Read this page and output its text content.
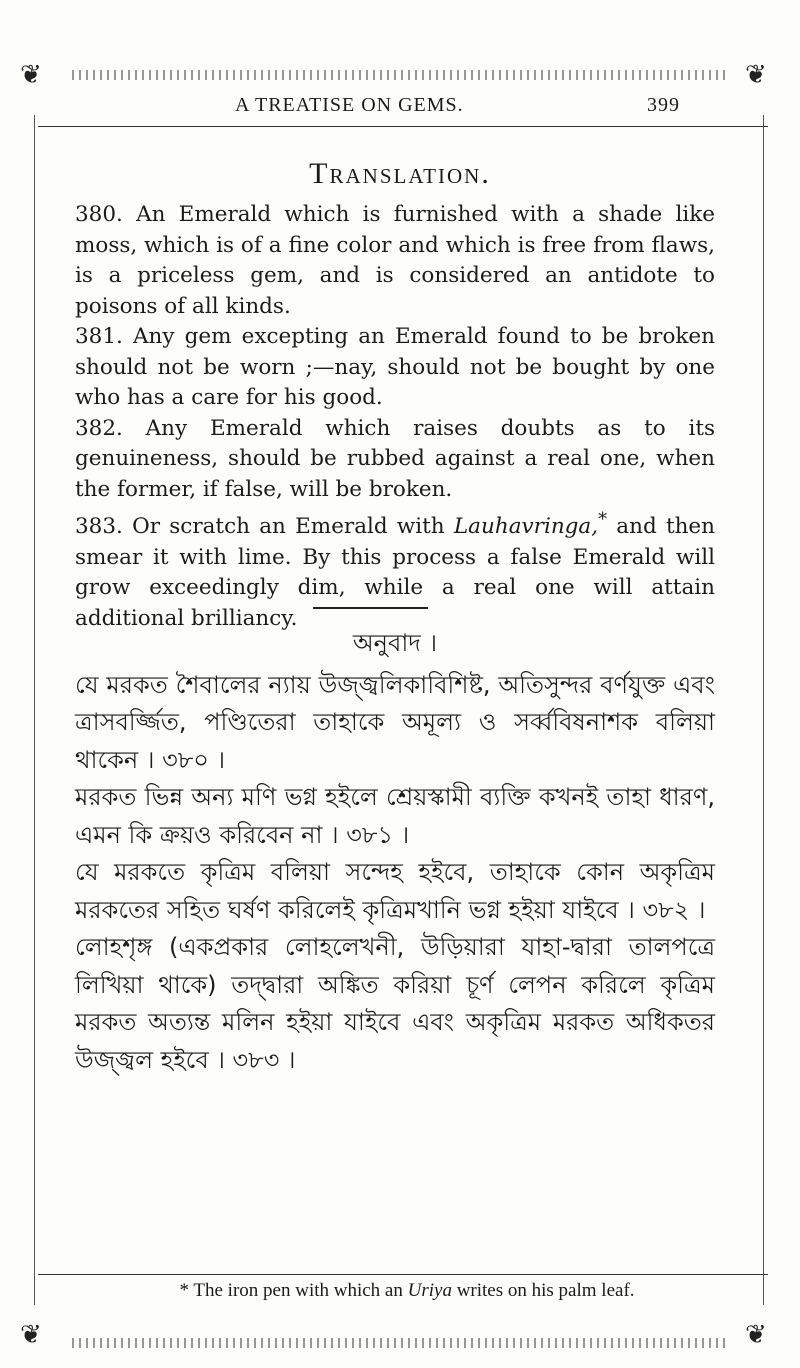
❦	❦
❦	❦
A TREATISE ON GEMS.	399
Translation.

380. An Emerald which is furnished with a shade like moss, which is of a fine color and which is free from flaws, is a priceless gem, and is considered an antidote to poisons of all kinds.

381. Any gem excepting an Emerald found to be broken should not be worn ;—nay, should not be bought by one who has a care for his good.

382. Any Emerald which raises doubts as to its genuineness, should be rubbed against a real one, when the former, if false, will be broken.

383. Or scratch an Emerald with Lauhavringa,* and then smear it with lime. By this process a false Emerald will grow exceedingly dim, while a real one will attain additional brilliancy.

অনুবাদ ।

যে মরকত শৈবালের ন্যায় উজ্জ্বলিকাবিশিষ্ট, অতিসুন্দর বর্ণযুক্ত এবং ত্রাসবর্জ্জিত, পণ্ডিতেরা তাহাকে অমূল্য ও সর্ব্ববিষনাশক বলিয়া থাকেন । ৩৮০ ।

মরকত ভিন্ন অন্য মণি ভগ্ন হইলে শ্রেয়স্কামী ব্যক্তি কখনই তাহা ধারণ, এমন কি ক্রয়ও করিবেন না । ৩৮১ ।

যে মরকতে কৃত্রিম বলিয়া সন্দেহ হইবে, তাহাকে কোন অকৃত্রিম মরকতের সহিত ঘর্ষণ করিলেই কৃত্রিমখানি ভগ্ন হইয়া যাইবে । ৩৮২ ।

লোহশৃঙ্গ (একপ্রকার লোহলেখনী, উড়িয়ারা যাহা-দ্বারা তালপত্রে লিখিয়া থাকে) তদ্দ্বারা অঙ্কিত করিয়া চূর্ণ লেপন করিলে কৃত্রিম মরকত অত্যন্ত মলিন হইয়া যাইবে এবং অকৃত্রিম মরকত অধিকতর উজ্জ্বল হইবে । ৩৮৩ ।

* The iron pen with which an Uriya writes on his palm leaf.
